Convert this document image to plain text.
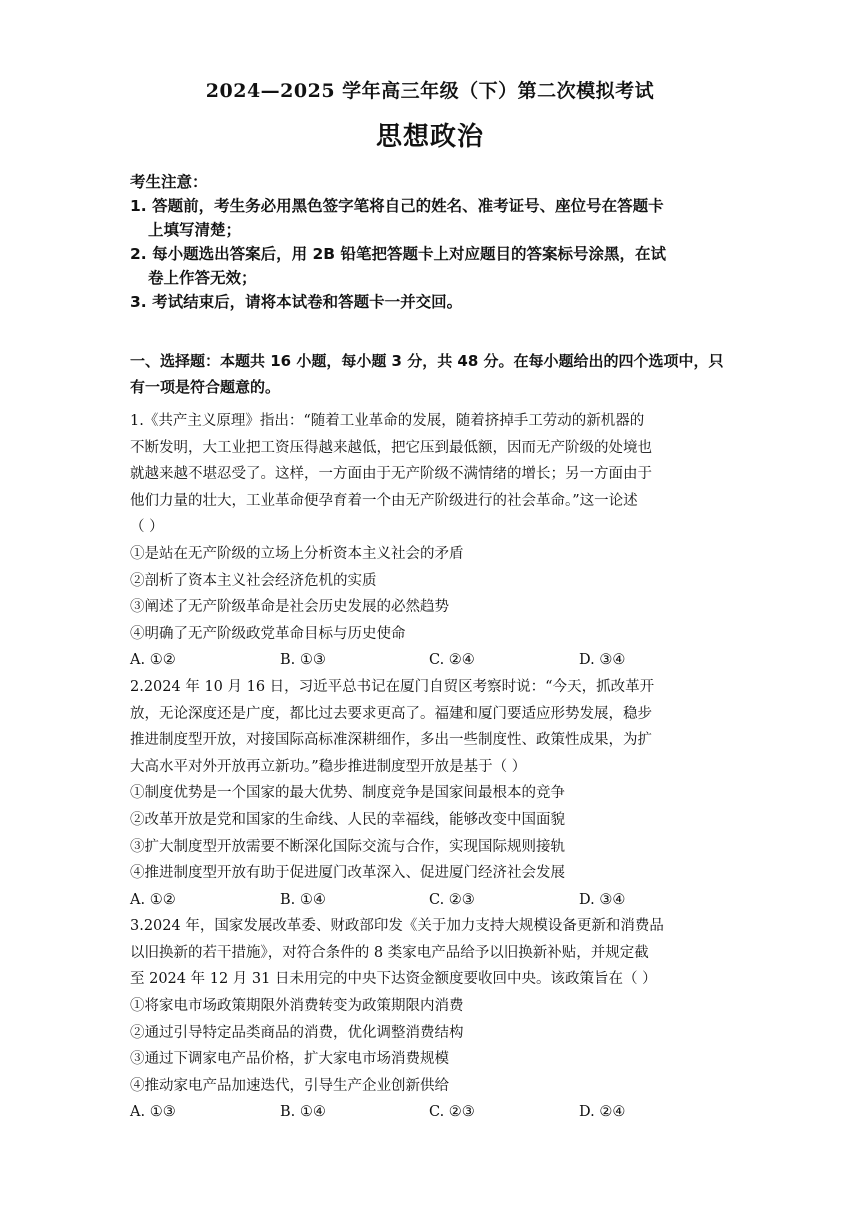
2024—2025 学年高三年级（下）第二次模拟考试
思想政治
考生注意：
1. 答题前，考生务必用黑色签字笔将自己的姓名、准考证号、座位号在答题卡
上填写清楚；
2. 每小题选出答案后，用 2B 铅笔把答题卡上对应题目的答案标号涂黑，在试
卷上作答无效；
3. 考试结束后，请将本试卷和答题卡一并交回。
一、选择题：本题共 16 小题，每小题 3 分，共 48 分。在每小题给出的四个选项中，只
有一项是符合题意的。
1.《共产主义原理》指出：“随着工业革命的发展，随着挤掉手工劳动的新机器的
不断发明，大工业把工资压得越来越低，把它压到最低额，因而无产阶级的处境也
就越来越不堪忍受了。这样，一方面由于无产阶级不满情绪的增长；另一方面由于
他们力量的壮大，工业革命便孕育着一个由无产阶级进行的社会革命。”这一论述
（ ）
①是站在无产阶级的立场上分析资本主义社会的矛盾
②剖析了资本主义社会经济危机的实质
③阐述了无产阶级革命是社会历史发展的必然趋势
④明确了无产阶级政党革命目标与历史使命
A. ①②	B. ①③	C. ②④	D. ③④
2.2024 年 10 月 16 日，习近平总书记在厦门自贸区考察时说：“今天，抓改革开
放，无论深度还是广度，都比过去要求更高了。福建和厦门要适应形势发展，稳步
推进制度型开放，对接国际高标准深耕细作，多出一些制度性、政策性成果，为扩
大高水平对外开放再立新功。”稳步推进制度型开放是基于（ ）
①制度优势是一个国家的最大优势、制度竞争是国家间最根本的竞争
②改革开放是党和国家的生命线、人民的幸福线，能够改变中国面貌
③扩大制度型开放需要不断深化国际交流与合作，实现国际规则接轨
④推进制度型开放有助于促进厦门改革深入、促进厦门经济社会发展
A. ①②	B. ①④	C. ②③	D. ③④
3.2024 年，国家发展改革委、财政部印发《关于加力支持大规模设备更新和消费品
以旧换新的若干措施》，对符合条件的 8 类家电产品给予以旧换新补贴，并规定截
至 2024 年 12 月 31 日未用完的中央下达资金额度要收回中央。该政策旨在（ ）
①将家电市场政策期限外消费转变为政策期限内消费
②通过引导特定品类商品的消费，优化调整消费结构
③通过下调家电产品价格，扩大家电市场消费规模
④推动家电产品加速迭代，引导生产企业创新供给
A. ①③	B. ①④	C. ②③	D. ②④
